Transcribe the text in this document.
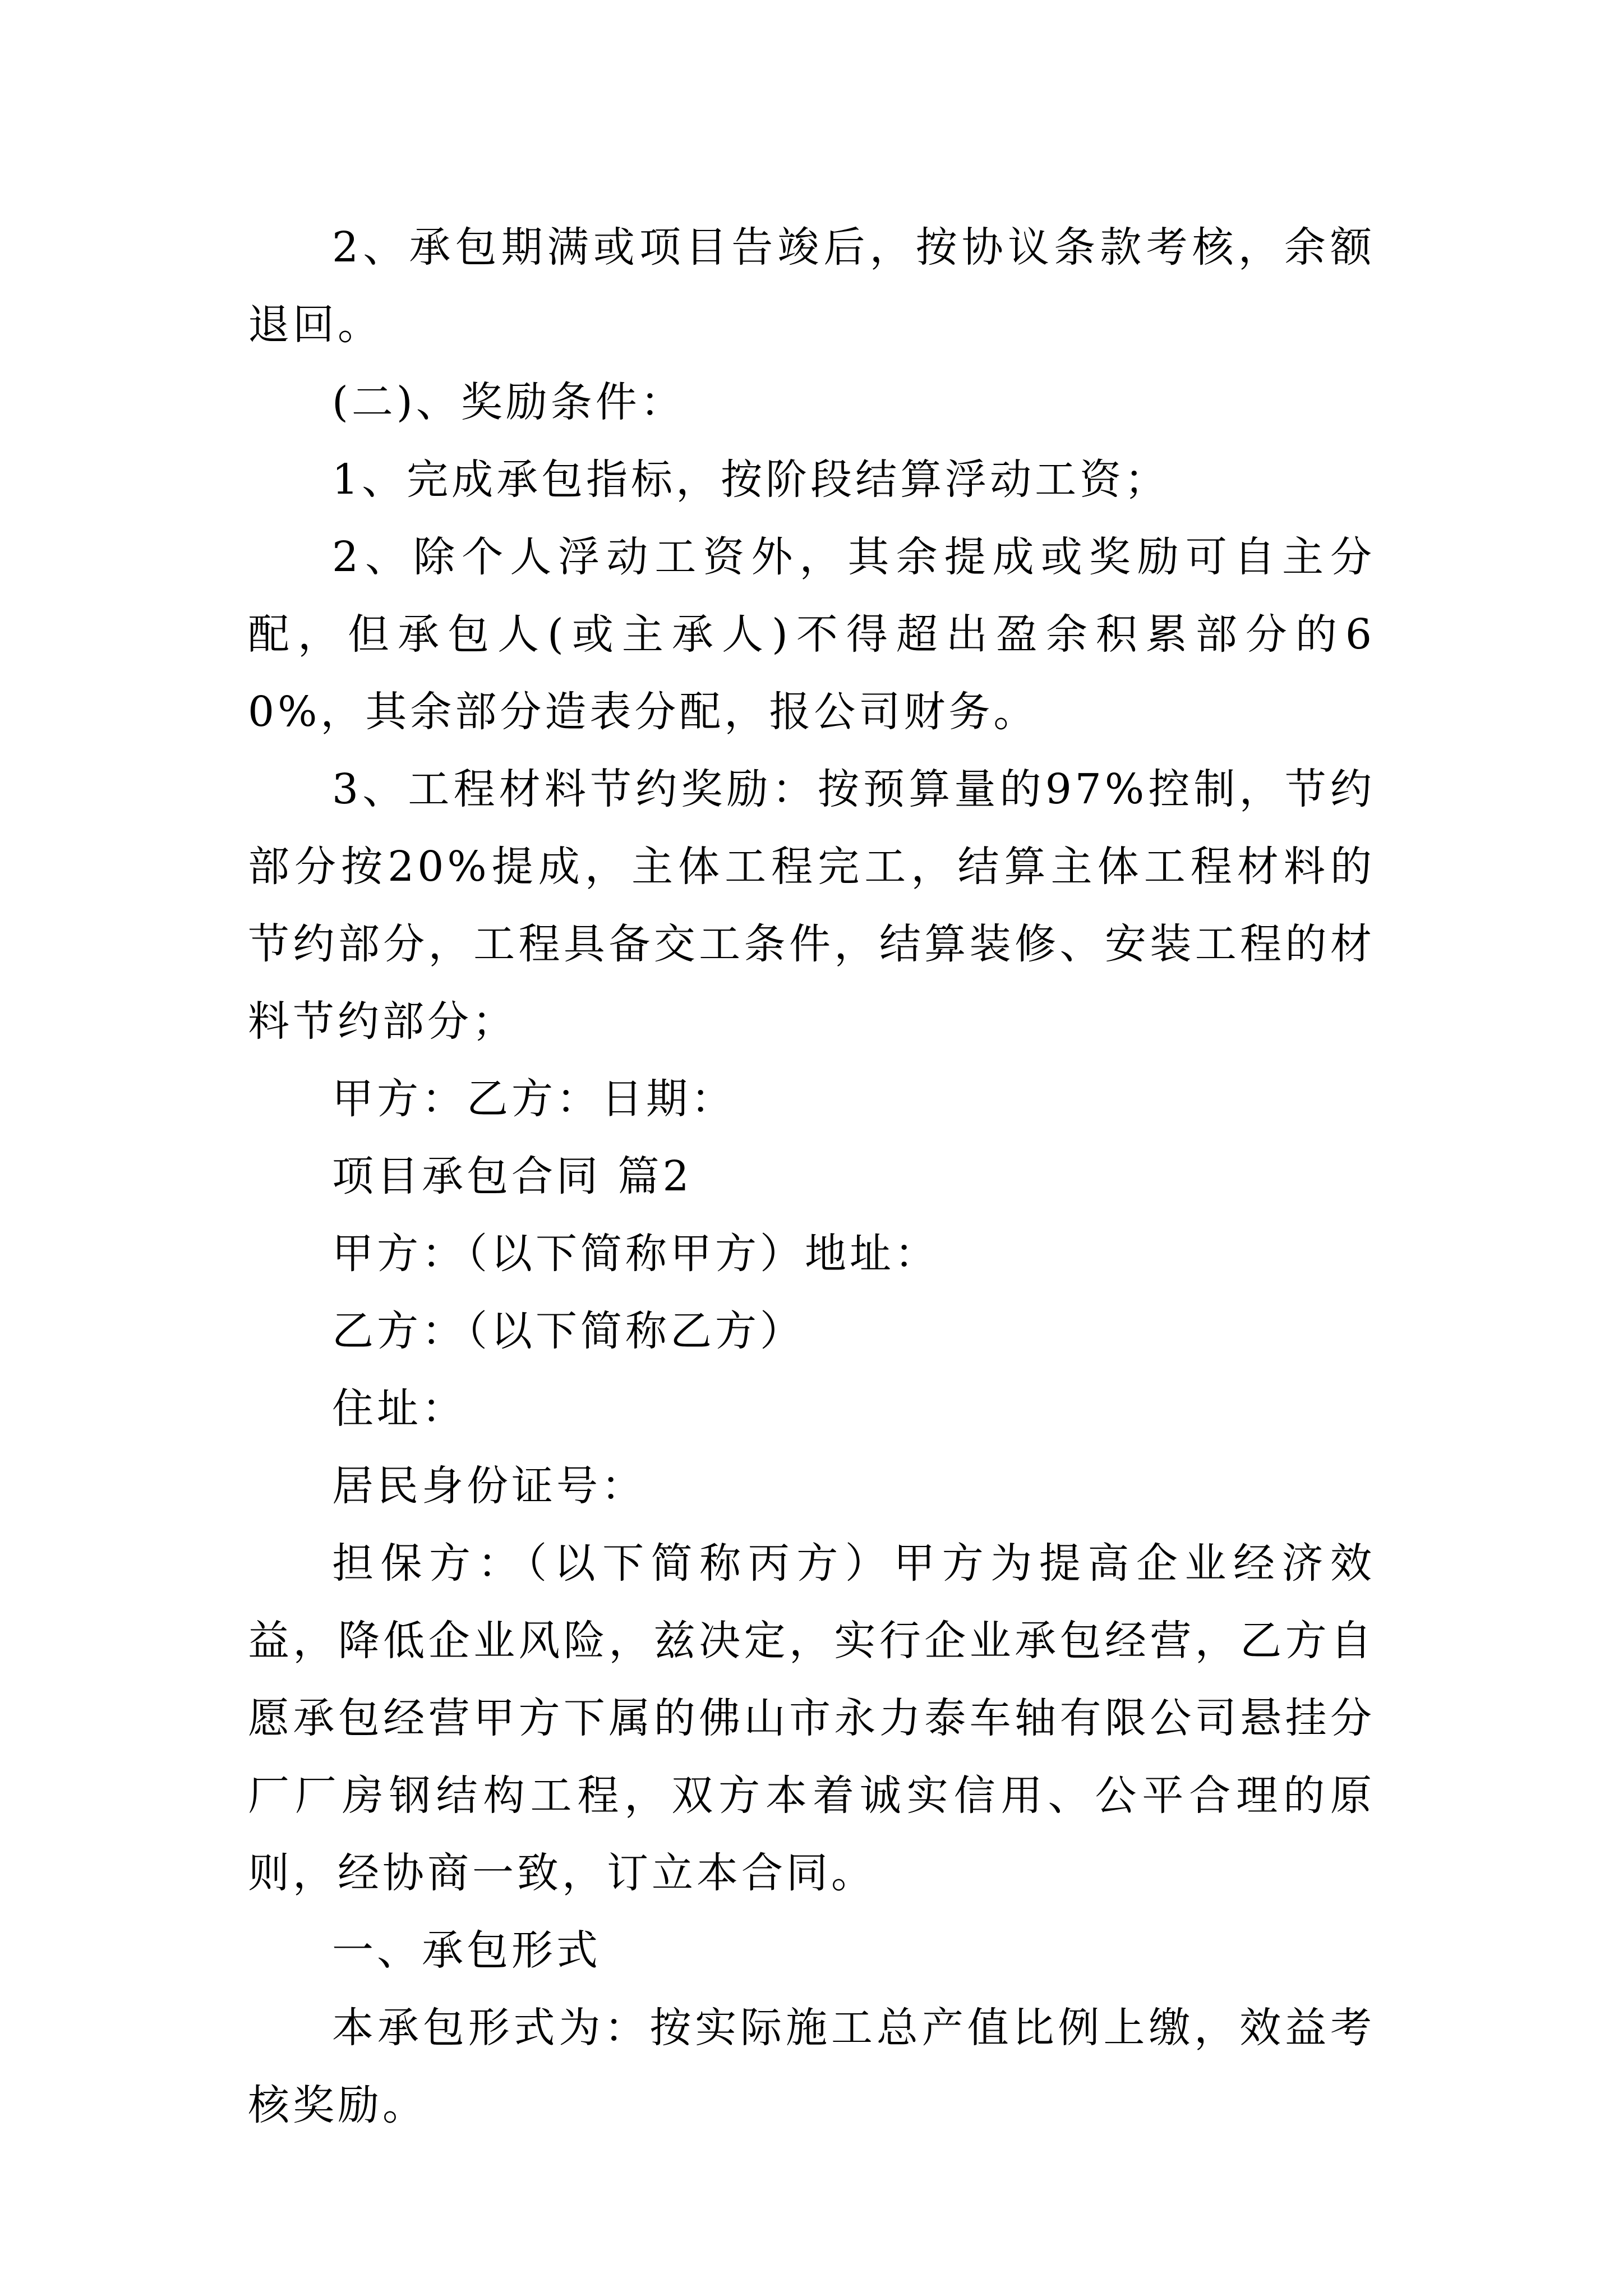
2、承包期满或项目告竣后，按协议条款考核，余额退回。

(二)、奖励条件：

1、完成承包指标，按阶段结算浮动工资；

2、除个人浮动工资外，其余提成或奖励可自主分配，但承包人(或主承人)不得超出盈余积累部分的60%，其余部分造表分配，报公司财务。

3、工程材料节约奖励：按预算量的97%控制，节约部分按20%提成，主体工程完工，结算主体工程材料的节约部分，工程具备交工条件，结算装修、安装工程的材料节约部分；

甲方：乙方：日期：

项目承包合同 篇2

甲方：（以下简称甲方）地址：

乙方：（以下简称乙方）

住址：

居民身份证号：

担保方：（以下简称丙方）甲方为提高企业经济效益，降低企业风险，兹决定，实行企业承包经营，乙方自愿承包经营甲方下属的佛山市永力泰车轴有限公司悬挂分厂厂房钢结构工程，双方本着诚实信用、公平合理的原则，经协商一致，订立本合同。

一、承包形式

本承包形式为：按实际施工总产值比例上缴，效益考核奖励。
